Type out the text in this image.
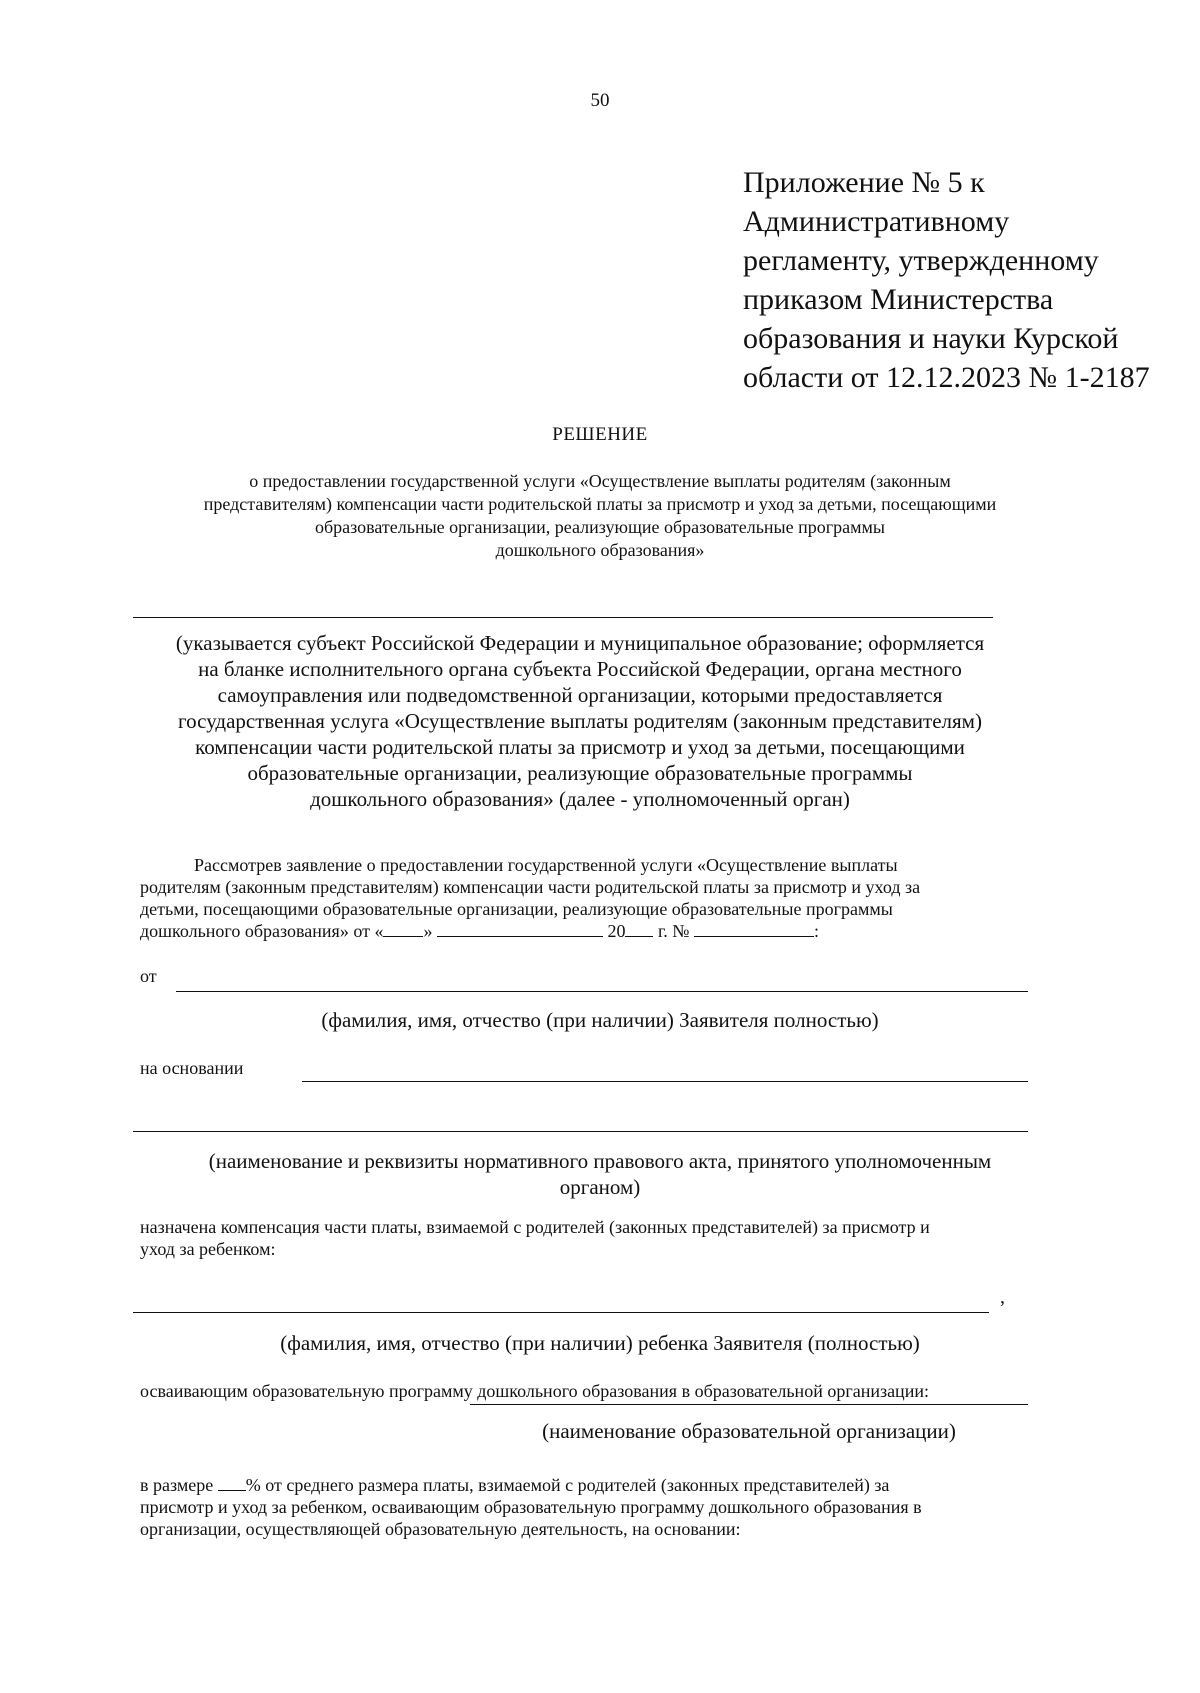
50
Приложение № 5 к
Административному
регламенту, утвержденному
приказом Министерства
образования и науки Курской
области от 12.12.2023 № 1-2187
РЕШЕНИЕ
о предоставлении государственной услуги «Осуществление выплаты родителям (законным
представителям) компенсации части родительской платы за присмотр и уход за детьми, посещающими
образовательные организации, реализующие образовательные программы
дошкольного образования»
(указывается субъект Российской Федерации и муниципальное образование; оформляется
на бланке исполнительного органа субъекта Российской Федерации, органа местного
самоуправления или подведомственной организации, которыми предоставляется
государственная услуга «Осуществление выплаты родителям (законным представителям)
компенсации части родительской платы за присмотр и уход за детьми, посещающими
образовательные организации, реализующие образовательные программы
дошкольного образования» (далее - уполномоченный орган)
Рассмотрев заявление о предоставлении государственной услуги «Осуществление выплаты
родителям (законным представителям) компенсации части родительской платы за присмотр и уход за
детьми, посещающими образовательные организации, реализующие образовательные программы
дошкольного образования» от « »	20 г. №	:
от
(фамилия, имя, отчество (при наличии) Заявителя полностью)
на основании
(наименование и реквизиты нормативного правового акта, принятого уполномоченным
органом)
назначена компенсация части платы, взимаемой с родителей (законных представителей) за присмотр и
уход за ребенком:
,
(фамилия, имя, отчество (при наличии) ребенка Заявителя (полностью)
осваивающим образовательную программу дошкольного образования в образовательной организации:
(наименование образовательной организации)
в размере % от среднего размера платы, взимаемой с родителей (законных представителей) за
присмотр и уход за ребенком, осваивающим образовательную программу дошкольного образования в
организации, осуществляющей образовательную деятельность, на основании:
